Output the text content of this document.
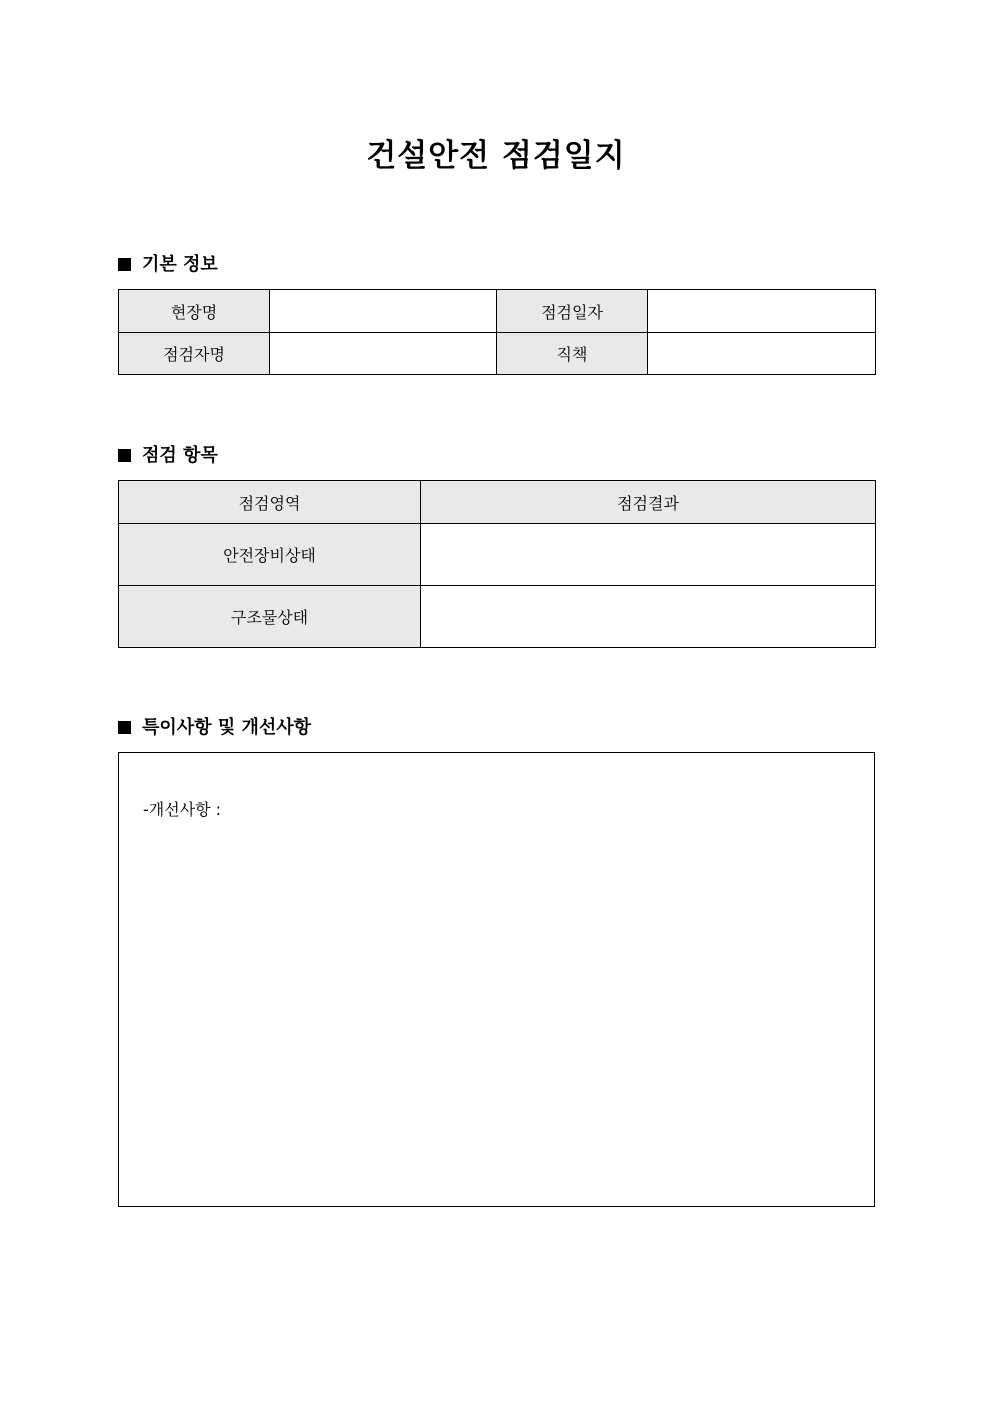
건설안전 점검일지
기본 정보
현장명		점검일자	
점검자명		직책	
점검 항목
점검영역	점검결과
안전장비상태	
구조물상태	
특이사항 및 개선사항
-개선사항 :
